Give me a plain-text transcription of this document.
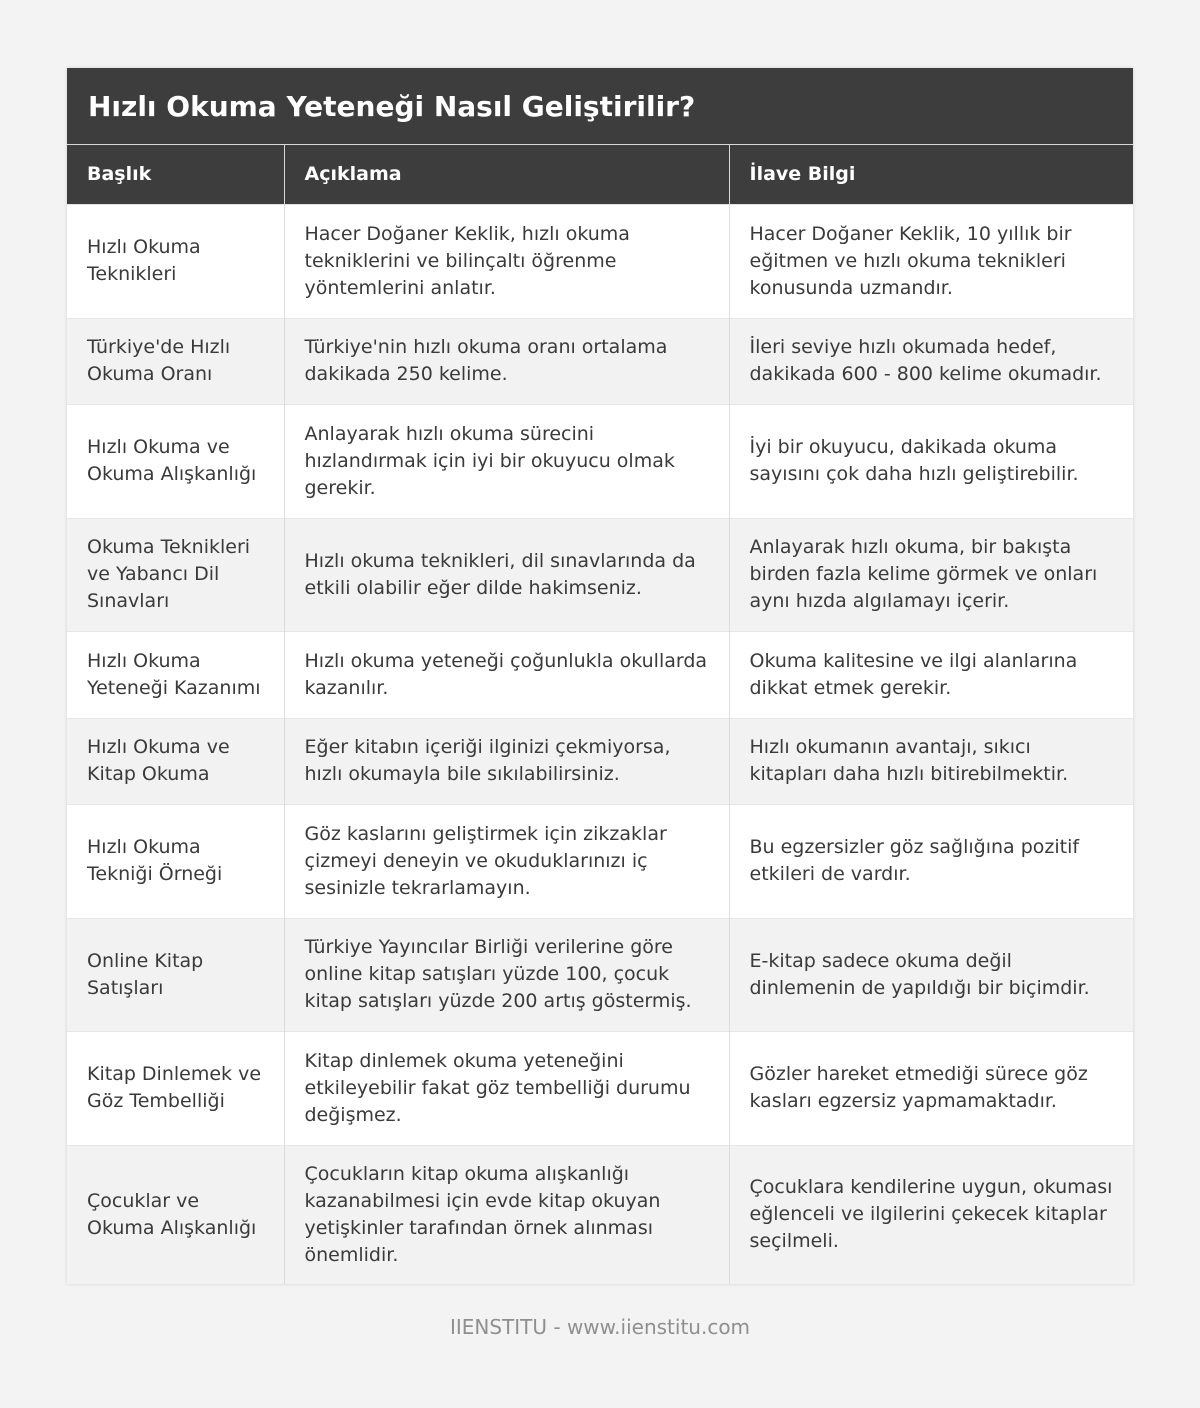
Hızlı Okuma Yeteneği Nasıl Geliştirilir?
Başlık	Açıklama	İlave Bilgi
Hızlı Okuma Teknikleri	Hacer Doğaner Keklik, hızlı okuma tekniklerini ve bilinçaltı öğrenme yöntemlerini anlatır.	Hacer Doğaner Keklik, 10 yıllık bir eğitmen ve hızlı okuma teknikleri konusunda uzmandır.
Türkiye'de Hızlı Okuma Oranı	Türkiye'nin hızlı okuma oranı ortalama dakikada 250 kelime.	İleri seviye hızlı okumada hedef, dakikada 600 - 800 kelime okumadır.
Hızlı Okuma ve Okuma Alışkanlığı	Anlayarak hızlı okuma sürecini hızlandırmak için iyi bir okuyucu olmak gerekir.	İyi bir okuyucu, dakikada okuma sayısını çok daha hızlı geliştirebilir.
Okuma Teknikleri ve Yabancı Dil Sınavları	Hızlı okuma teknikleri, dil sınavlarında da etkili olabilir eğer dilde hakimseniz.	Anlayarak hızlı okuma, bir bakışta birden fazla kelime görmek ve onları aynı hızda algılamayı içerir.
Hızlı Okuma Yeteneği Kazanımı	Hızlı okuma yeteneği çoğunlukla okullarda kazanılır.	Okuma kalitesine ve ilgi alanlarına dikkat etmek gerekir.
Hızlı Okuma ve Kitap Okuma	Eğer kitabın içeriği ilginizi çekmiyorsa, hızlı okumayla bile sıkılabilirsiniz.	Hızlı okumanın avantajı, sıkıcı kitapları daha hızlı bitirebilmektir.
Hızlı Okuma Tekniği Örneği	Göz kaslarını geliştirmek için zikzaklar çizmeyi deneyin ve okuduklarınızı iç sesinizle tekrarlamayın.	Bu egzersizler göz sağlığına pozitif etkileri de vardır.
Online Kitap Satışları	Türkiye Yayıncılar Birliği verilerine göre online kitap satışları yüzde 100, çocuk kitap satışları yüzde 200 artış göstermiş.	E-kitap sadece okuma değil dinlemenin de yapıldığı bir biçimdir.
Kitap Dinlemek ve Göz Tembelliği	Kitap dinlemek okuma yeteneğini etkileyebilir fakat göz tembelliği durumu değişmez.	Gözler hareket etmediği sürece göz kasları egzersiz yapmamaktadır.
Çocuklar ve Okuma Alışkanlığı	Çocukların kitap okuma alışkanlığı kazanabilmesi için evde kitap okuyan yetişkinler tarafından örnek alınması önemlidir.	Çocuklara kendilerine uygun, okuması eğlenceli ve ilgilerini çekecek kitaplar seçilmeli.
IIENSTITU - www.iienstitu.com
